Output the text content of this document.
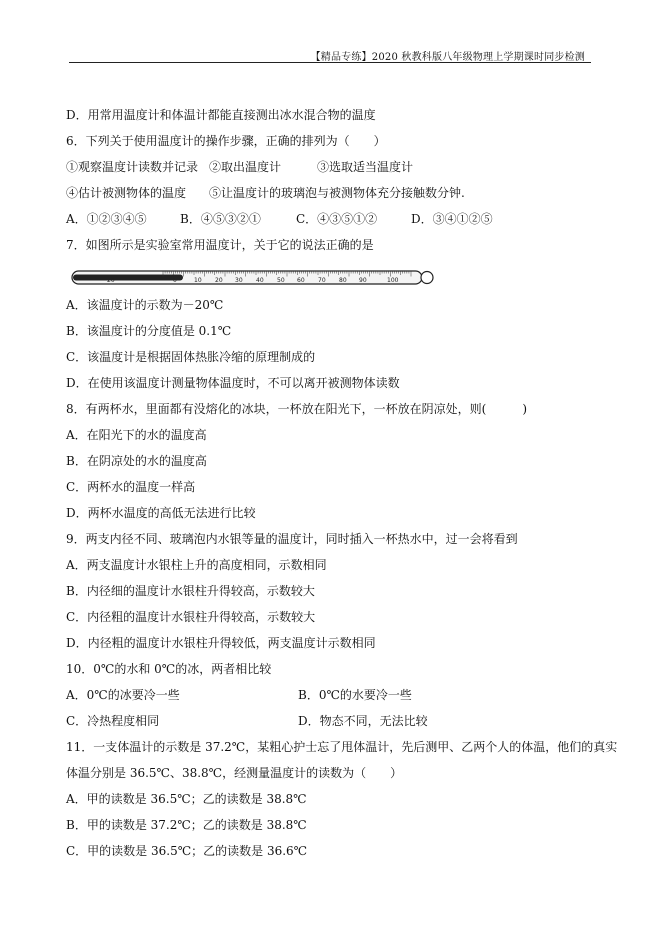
【精品专练】2020 秋教科版八年级物理上学期课时同步检测
D．用常用温度计和体温计都能直接测出冰水混合物的温度
6．下列关于使用温度计的操作步骤，正确的排列为（　　）
①观察温度计读数并记录 ②取出温度计	③选取适当温度计
④估计被测物体的温度 ⑤让温度计的玻璃泡与被测物体充分接触数分钟.
A．①②③④⑤	B．④⑤③②①	C．④③⑤①②	D．③④①②⑤
7．如图所示是实验室常用温度计，关于它的说法正确的是
－20	0	10 20 30 40 50 60 70 80 90	100
A．该温度计的示数为－20℃
B．该温度计的分度值是 0.1℃
C．该温度计是根据固体热胀冷缩的原理制成的
D．在使用该温度计测量物体温度时，不可以离开被测物体读数
8．有两杯水，里面都有没熔化的冰块，一杯放在阳光下，一杯放在阴凉处，则(　　　)
A．在阳光下的水的温度高
B．在阴凉处的水的温度高
C．两杯水的温度一样高
D．两杯水温度的高低无法进行比较
9．两支内径不同、玻璃泡内水银等量的温度计，同时插入一杯热水中，过一会将看到
A．两支温度计水银柱上升的高度相同，示数相同
B．内径细的温度计水银柱升得较高，示数较大
C．内径粗的温度计水银柱升得较高，示数较大
D．内径粗的温度计水银柱升得较低，两支温度计示数相同
10．0℃的水和 0℃的冰，两者相比较
A．0℃的冰要冷一些	B．0℃的水要冷一些
C．冷热程度相同	D．物态不同，无法比较
11．一支体温计的示数是 37.2℃，某粗心护士忘了甩体温计，先后测甲、乙两个人的体温，他们的真实
体温分别是 36.5℃、38.8℃，经测量温度计的读数为（　　）
A．甲的读数是 36.5℃；乙的读数是 38.8℃
B．甲的读数是 37.2℃；乙的读数是 38.8℃
C．甲的读数是 36.5℃；乙的读数是 36.6℃
